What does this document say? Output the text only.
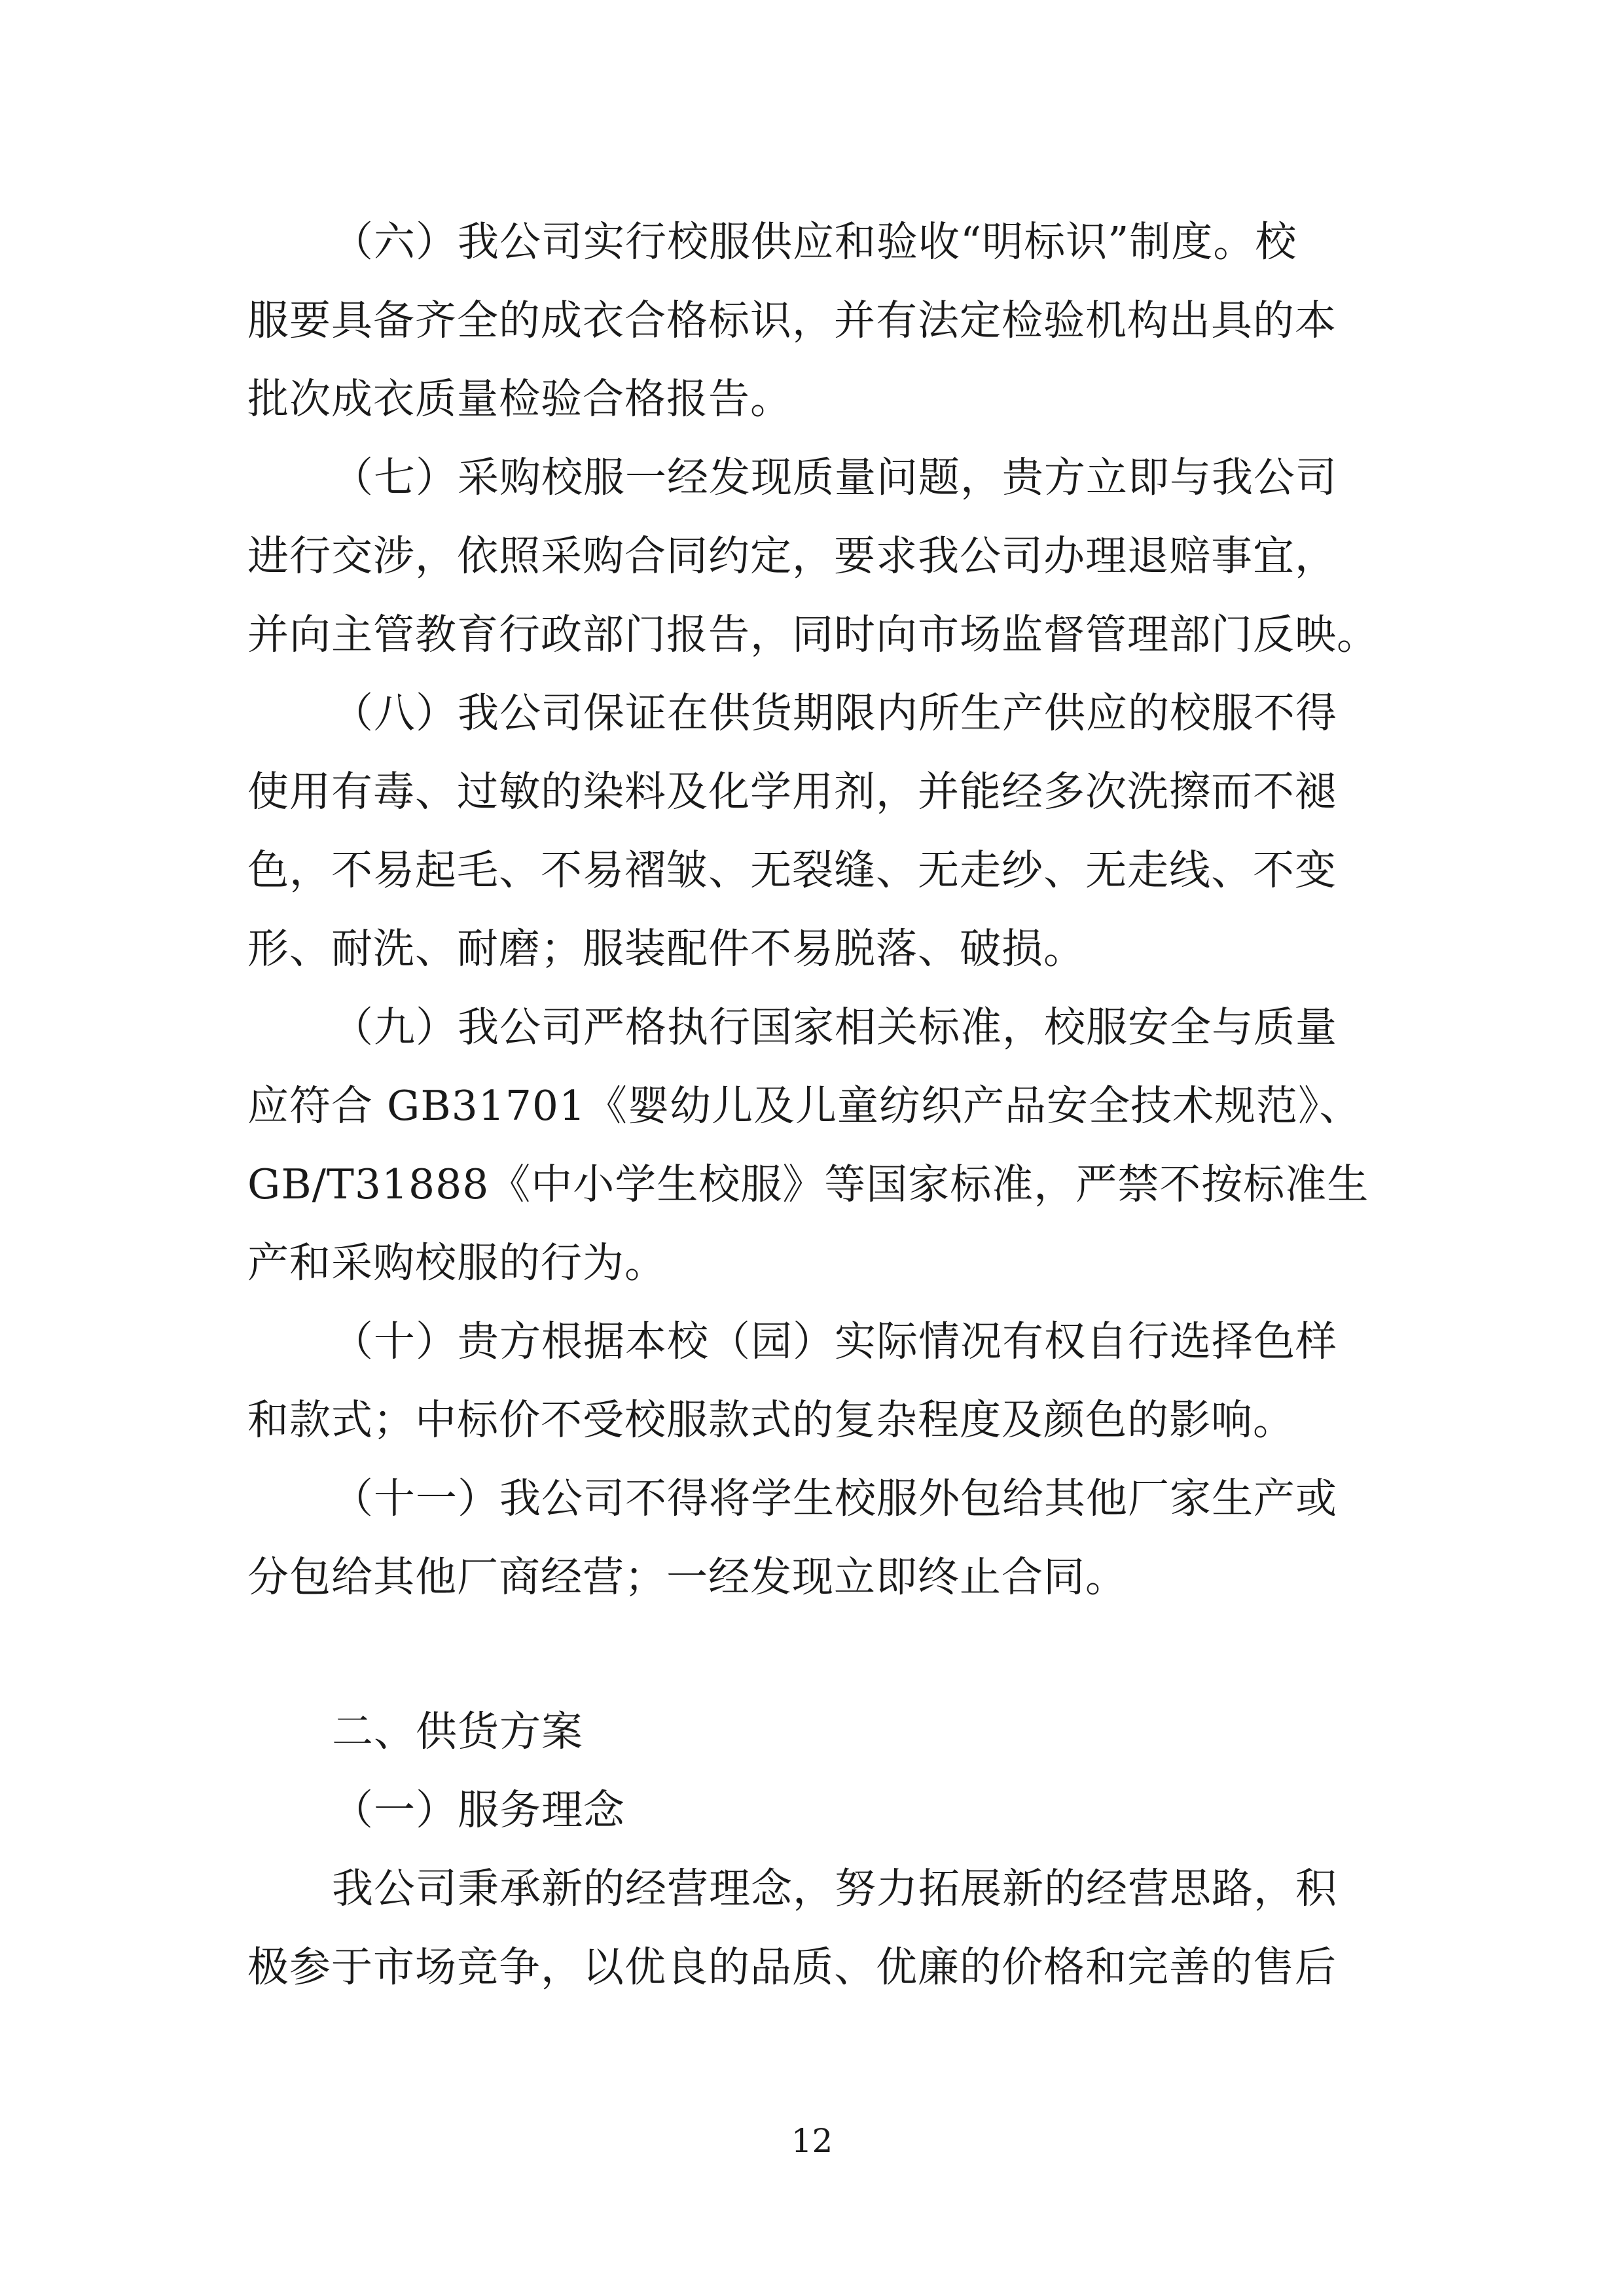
（六）我公司实行校服供应和验收“明标识”制度。校
服要具备齐全的成衣合格标识，并有法定检验机构出具的本
批次成衣质量检验合格报告。
（七）采购校服一经发现质量问题，贵方立即与我公司
进行交涉，依照采购合同约定，要求我公司办理退赔事宜，
并向主管教育行政部门报告，同时向市场监督管理部门反映。
（八）我公司保证在供货期限内所生产供应的校服不得
使用有毒、过敏的染料及化学用剂，并能经多次洗擦而不褪
色，不易起毛、不易褶皱、无裂缝、无走纱、无走线、不变
形、耐洗、耐磨；服装配件不易脱落、破损。
（九）我公司严格执行国家相关标准，校服安全与质量
应符合 GB31701《婴幼儿及儿童纺织产品安全技术规范》、
GB/T31888《中小学生校服》等国家标准，严禁不按标准生
产和采购校服的行为。
（十）贵方根据本校（园）实际情况有权自行选择色样
和款式；中标价不受校服款式的复杂程度及颜色的影响。
（十一）我公司不得将学生校服外包给其他厂家生产或
分包给其他厂商经营；一经发现立即终止合同。
二、供货方案
（一）服务理念
我公司秉承新的经营理念，努力拓展新的经营思路，积
极参于市场竞争，以优良的品质、优廉的价格和完善的售后
12
